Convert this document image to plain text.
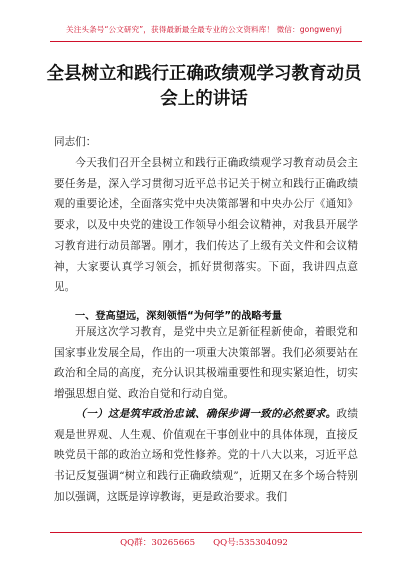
关注头条号“公文研究”，获得最新最全最专业的公文资料库！ 微信：gongwenyj
全县树立和践行正确政绩观学习教育动员会上的讲话
同志们：
今天我们召开全县树立和践行正确政绩观学习教育动员会主要任务是，深入学习贯彻习近平总书记关于树立和践行正确政绩观的重要论述，全面落实党中央决策部署和中央办公厅《通知》要求，以及中央党的建设工作领导小组会议精神，对我县开展学习教育进行动员部署。刚才，我们传达了上级有关文件和会议精神，大家要认真学习领会，抓好贯彻落实。下面，我讲四点意见。
一、登高望远，深刻领悟“为何学”的战略考量
开展这次学习教育，是党中央立足新征程新使命，着眼党和国家事业发展全局，作出的一项重大决策部署。我们必须要站在政治和全局的高度，充分认识其极端重要性和现实紧迫性，切实增强思想自觉、政治自觉和行动自觉。
（一）这是筑牢政治忠诚、确保步调一致的必然要求。政绩观是世界观、人生观、价值观在干事创业中的具体体现，直接反映党员干部的政治立场和党性修养。党的十八大以来，习近平总书记反复强调“树立和践行正确政绩观”，近期又在多个场合特别加以强调，这既是谆谆教诲，更是政治要求。我们
QQ群：30265665 QQ号:535304092
